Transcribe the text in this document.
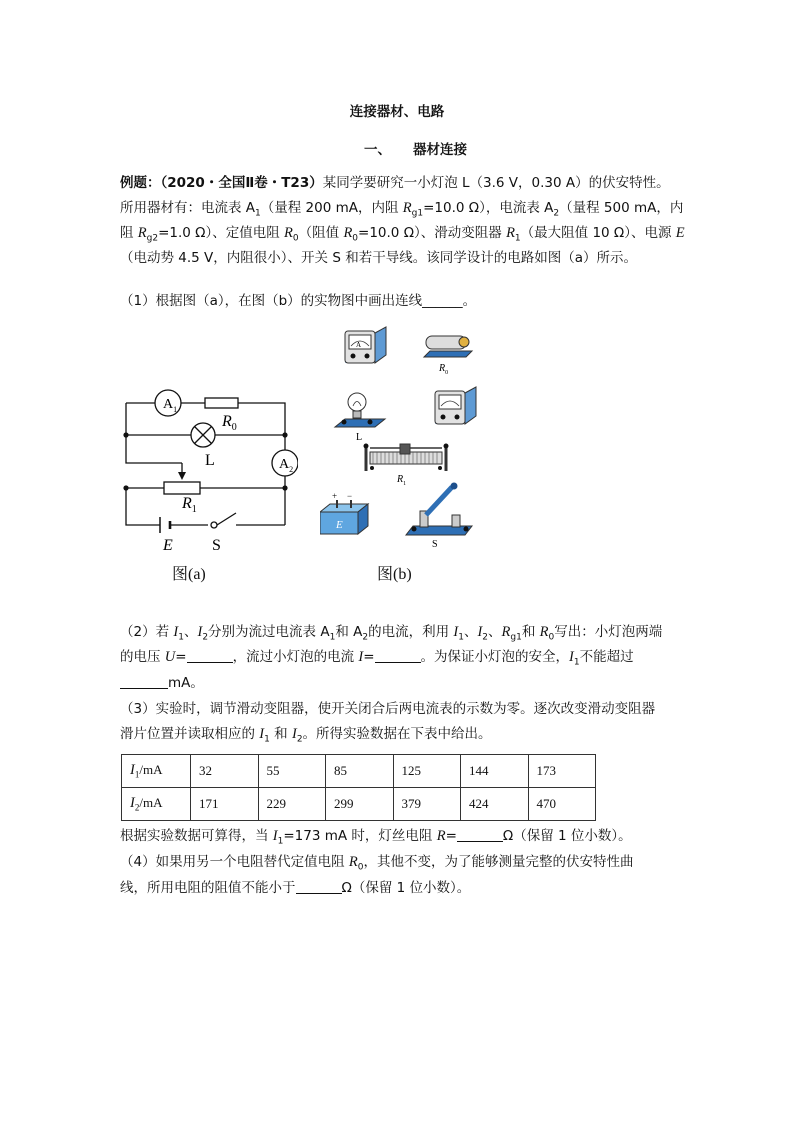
连接器材、电路
一、 器材连接
例题：（2020・全国Ⅱ卷・T23）某同学要研究一小灯泡 L（3.6 V，0.30 A）的伏安特性。
所用器材有：电流表 $A_1$（量程 200 mA，内阻 $R_{g1}=10.0$ Ω），电流表 $A_2$（量程 500 mA，内
阻 $R_{g2}=1.0$ Ω）、定值电阻 $R_0$（阻值 $R_0=10.0$ Ω）、滑动变阻器 $R_1$（最大阻值 10 Ω）、电源 E
（电动势 4.5 V，内阻很小）、开关 S 和若干导线。该同学设计的电路如图（a）所示。
（1）根据图（a），在图（b）的实物图中画出连线______。
$A_1$
$R_0$
L	$A_2$
$R_1$
E S
图(a)
A
$R_0$
L
$R_1$
+ −
E
S
图(b)
（2）若 $I_1$、$I_2$分别为流过电流表 $A_1$和 $A_2$的电流，利用 $I_1$、$I_2$、$R_{g1}$和 $R_0$写出：小灯泡两端
的电压 U=	，流过小灯泡的电流 I=	。为保证小灯泡的安全，$I_1$不能超过
mA。
（3）实验时，调节滑动变阻器，使开关闭合后两电流表的示数为零。逐次改变滑动变阻器
滑片位置并读取相应的 $I_1$ 和 $I_2$。所得实验数据在下表中给出。
$I_1/mA$	32	55	85	125	144	173
$I_2/mA$	171	229	299	379	424	470
根据实验数据可算得，当 $I_1=173$ mA 时，灯丝电阻 R=	Ω（保留 1 位小数）。
（4）如果用另一个电阻替代定值电阻 $R_0$，其他不变，为了能够测量完整的伏安特性曲
线，所用电阻的阻值不能小于	Ω（保留 1 位小数）。
